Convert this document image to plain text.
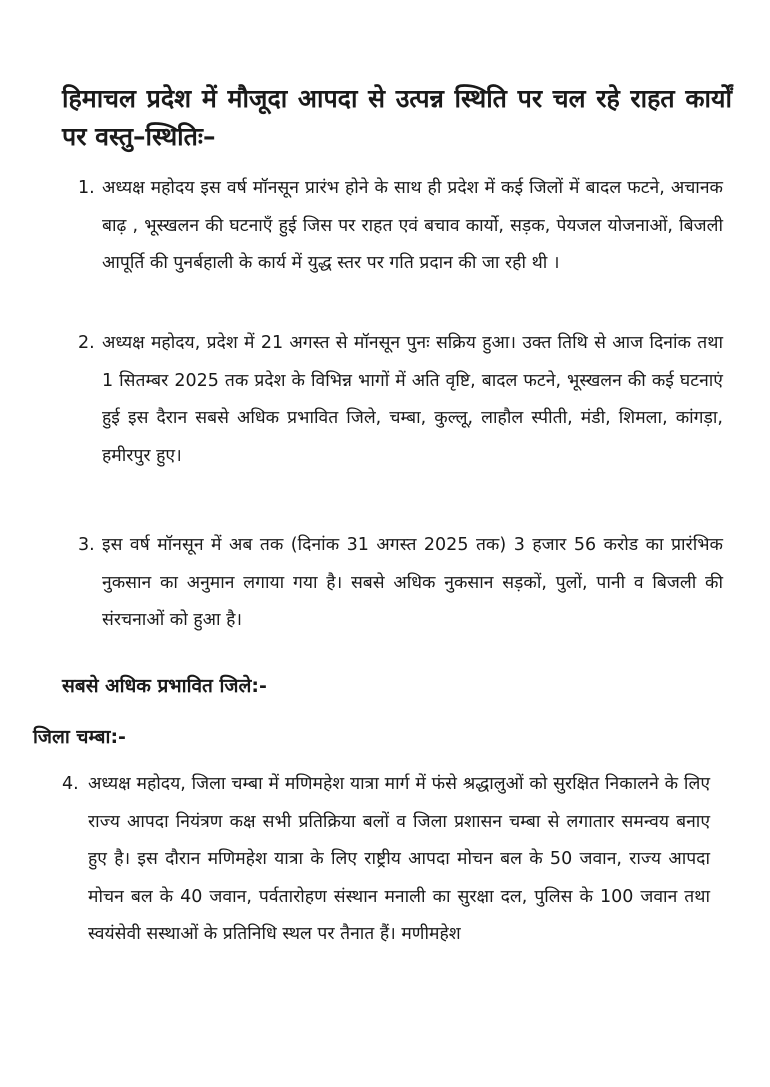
हिमाचल प्रदेश में मौजूदा आपदा से उत्पन्न स्थिति पर चल रहे राहत कार्यों पर वस्तु–स्थितिः–
1. अध्यक्ष महोदय इस वर्ष मॉनसून प्रारंभ होने के साथ ही प्रदेश में कई जिलों में बादल फटने, अचानक बाढ़ , भूस्खलन की घटनाएँ हुई जिस पर राहत एवं बचाव कार्यो, सड़क, पेयजल योजनाओं, बिजली आपूर्ति की पुनर्बहाली के कार्य में युद्ध स्तर पर गति प्रदान की जा रही थी ।
2. अध्यक्ष महोदय, प्रदेश में 21 अगस्त से मॉनसून पुनः सक्रिय हुआ। उक्त तिथि से आज दिनांक तथा 1 सितम्बर 2025 तक प्रदेश के विभिन्न भागों में अति वृष्टि, बादल फटने, भूस्खलन की कई घटनाएं हुई इस दैरान सबसे अधिक प्रभावित जिले, चम्बा, कुल्लू, लाहौल स्पीती, मंडी, शिमला, कांगड़ा, हमीरपुर हुए।
3. इस वर्ष मॉनसून में अब तक (दिनांक 31 अगस्त 2025 तक) 3 हजार 56 करोड का प्रारंभिक नुकसान का अनुमान लगाया गया है। सबसे अधिक नुकसान सड़कों, पुलों, पानी व बिजली की संरचनाओं को हुआ है।
सबसे अधिक प्रभावित जिले:-
जिला चम्बा:-
4. अध्यक्ष महोदय, जिला चम्बा में मणिमहेश यात्रा मार्ग में फंसे श्रद्धालुओं को सुरक्षित निकालने के लिए राज्य आपदा नियंत्रण कक्ष सभी प्रतिक्रिया बलों व जिला प्रशासन चम्बा से लगातार समन्वय बनाए हुए है। इस दौरान मणिमहेश यात्रा के लिए राष्ट्रीय आपदा मोचन बल के 50 जवान, राज्य आपदा मोचन बल के 40 जवान, पर्वतारोहण संस्थान मनाली का सुरक्षा दल, पुलिस के 100 जवान तथा स्वयंसेवी सस्थाओं के प्रतिनिधि स्थल पर तैनात हैं। मणीमहेश
